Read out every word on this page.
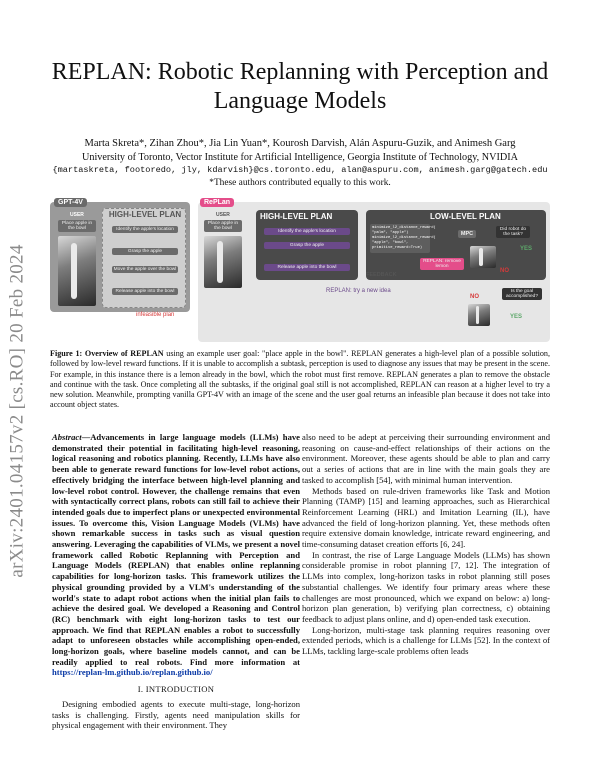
arXiv:2401.04157v2 [cs.RO] 20 Feb 2024
REPLAN: Robotic Replanning with Perception and Language Models
Marta Skreta*, Zihan Zhou*, Jia Lin Yuan*, Kourosh Darvish, Alán Aspuru-Guzik, and Animesh Garg
University of Toronto, Vector Institute for Artificial Intelligence, Georgia Institute of Technology, NVIDIA
{martaskreta, footoredo, jly, kdarvish}@cs.toronto.edu, alan@aspuru.com, animesh.garg@gatech.edu
*These authors contributed equally to this work.
GPT-4V
USER
Place apple in the bowl
HIGH-LEVEL PLAN
Identify the apple's location
Grasp the apple
Move the apple over the bowl
Release apple into the bowl
infeasible plan
RePLan
USER
Place apple in the bowl
HIGH-LEVEL PLAN
Identify the apple's location
Grasp the apple
Release apple into the bowl
LOW-LEVEL PLAN
minimize_l2_distance_reward(
"palm", "apple")
minimize_l2_distance_reward(
"apple", "bowl",
primitive_reward=True)
MPC
Did robot do the task?
YES
NO
REPLAN: remove lemon
FEEDBACK
REPLAN: try a new idea
NO
Is the goal accomplished?
YES
Figure 1: Overview of REPLAN using an example user goal: "place apple in the bowl". REPLAN generates a high-level plan of a possible solution, followed by low-level reward functions. If it is unable to accomplish a subtask, perception is used to diagnose any issues that may be present in the scene. For example, in this instance there is a lemon already in the bowl, which the robot must first remove. REPLAN generates a plan to remove the obstacle and continue with the task. Once completing all the subtasks, if the original goal still is not accomplished, REPLAN can reason at a higher level to try a new solution. Meanwhile, prompting vanilla GPT-4V with an image of the scene and the user goal returns an infeasible plan because it does not take into account object states.
Abstract—Advancements in large language models (LLMs) have demonstrated their potential in facilitating high-level reasoning, logical reasoning and robotics planning. Recently, LLMs have also been able to generate reward functions for low-level robot actions, effectively bridging the interface between high-level planning and low-level robot control. However, the challenge remains that even with syntactically correct plans, robots can still fail to achieve their intended goals due to imperfect plans or unexpected environmental issues. To overcome this, Vision Language Models (VLMs) have shown remarkable success in tasks such as visual question answering. Leveraging the capabilities of VLMs, we present a novel framework called Robotic Replanning with Perception and Language Models (REPLAN) that enables online replanning capabilities for long-horizon tasks. This framework utilizes the physical grounding provided by a VLM's understanding of the world's state to adapt robot actions when the initial plan fails to achieve the desired goal. We developed a Reasoning and Control (RC) benchmark with eight long-horizon tasks to test our approach. We find that REPLAN enables a robot to successfully adapt to unforeseen obstacles while accomplishing open-ended, long-horizon goals, where baseline models cannot, and can be readily applied to real robots. Find more information at https://replan-lm.github.io/replan.github.io/
I. INTRODUCTION
Designing embodied agents to execute multi-stage, long-horizon tasks is challenging. Firstly, agents need manipulation skills for physical engagement with their environment. They
also need to be adept at perceiving their surrounding environment and reasoning on cause-and-effect relationships of their actions on the environment. Moreover, these agents should be able to plan and carry out a series of actions that are in line with the main goals they are tasked to accomplish [54], with minimal human intervention.
Methods based on rule-driven frameworks like Task and Motion Planning (TAMP) [15] and learning approaches, such as Hierarchical Reinforcement Learning (HRL) and Imitation Learning (IL), have advanced the field of long-horizon planning. Yet, these methods often require extensive domain knowledge, intricate reward engineering, and time-consuming dataset creation efforts [6, 24].
In contrast, the rise of Large Language Models (LLMs) has shown considerable promise in robot planning [7, 12]. The integration of LLMs into complex, long-horizon tasks in robot planning still poses substantial challenges. We identify four primary areas where these challenges are most pronounced, which we expand on below: a) long-horizon plan generation, b) verifying plan correctness, c) obtaining feedback to adjust plans online, and d) open-ended task execution.
Long-horizon, multi-stage task planning requires reasoning over extended periods, which is a challenge for LLMs [52]. In the context of LLMs, tackling large-scale problems often leads
